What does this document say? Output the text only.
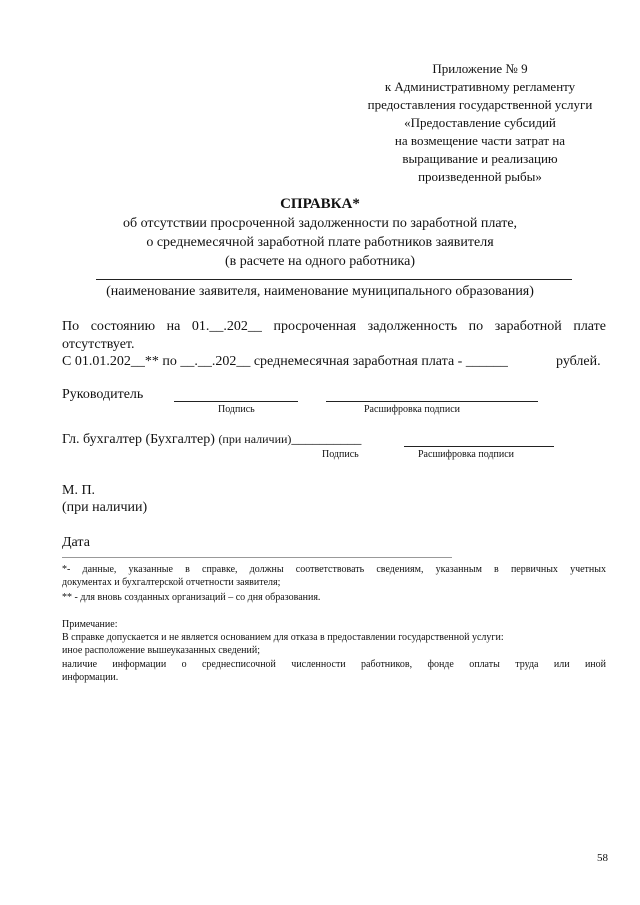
Приложение № 9
к Административному регламенту
предоставления государственной услуги
«Предоставление субсидий
на возмещение части затрат на
выращивание и реализацию
произведенной рыбы»
СПРАВКА*
об отсутствии просроченной задолженности по заработной плате,
о среднемесячной заработной плате работников заявителя
(в расчете на одного работника)
(наименование заявителя, наименование муниципального образования)
По состоянию на 01.__.202__ просроченная задолженность по заработной плате
отсутствует.
С 01.01.202__** по __.__.202__ среднемесячная заработная плата - ______	рублей.
Руководитель
Подпись	Расшифровка подписи
Гл. бухгалтер (Бухгалтер) (при наличии)__________
Подпись	Расшифровка подписи
М. П.
(при наличии)
Дата
*- данные, указанные в справке, должны соответствовать сведениям, указанным в первичных учетных
документах и бухгалтерской отчетности заявителя;
** - для вновь созданных организаций – со дня образования.
Примечание:
В справке допускается и не является основанием для отказа в предоставлении государственной услуги:
иное расположение вышеуказанных сведений;
наличие информации о среднесписочной численности работников, фонде оплаты труда или иной
информации.
58
